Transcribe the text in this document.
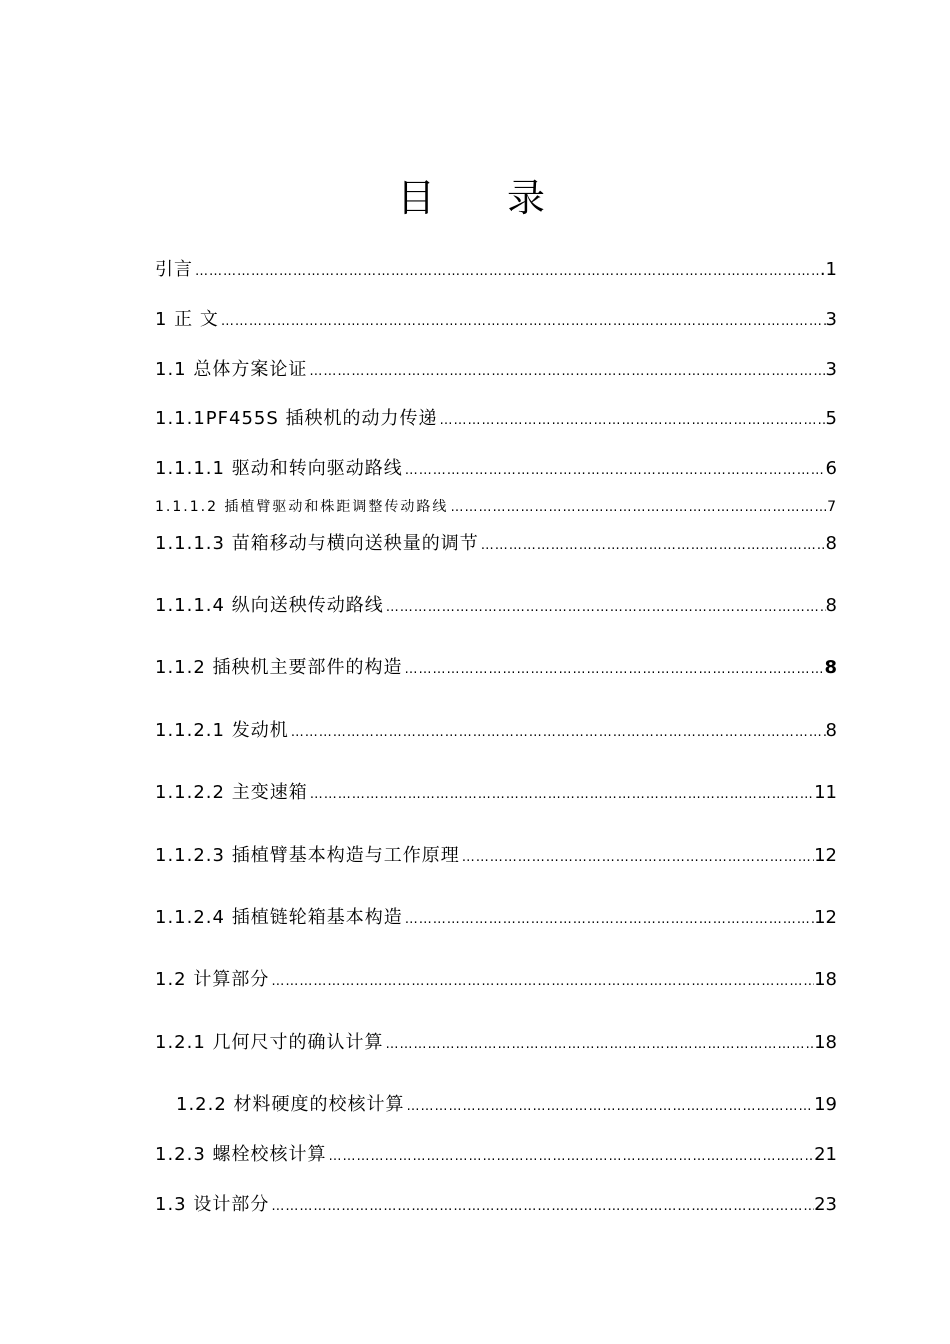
目 录
引言 …………………………………………………………………………………………………………………………………………………………………………………………………………………………………………………………………………………………	.1
1 正 文 …………………………………………………………………………………………………………………………………………………………………………………………………………………………………………………………………………………………	3
1.1 总体方案论证 …………………………………………………………………………………………………………………………………………………………………………………………………………………………………………………………………………………………	3
1.1.1PF455S 插秧机的动力传递 …………………………………………………………………………………………………………………………………………………………………………………………………………………………………………………………………………………………	5
1.1.1.1 驱动和转向驱动路线 …………………………………………………………………………………………………………………………………………………………………………………………………………………………………………………………………………………………	6
1.1.1.2 插植臂驱动和株距调整传动路线 …………………………………………………………………………………………………………………………………………………………………………………………………………………………………………………………………………………………	7
1.1.1.3 苗箱移动与横向送秧量的调节 …………………………………………………………………………………………………………………………………………………………………………………………………………………………………………………………………………………………	8
1.1.1.4 纵向送秧传动路线 …………………………………………………………………………………………………………………………………………………………………………………………………………………………………………………………………………………………	8
1.1.2 插秧机主要部件的构造 …………………………………………………………………………………………………………………………………………………………………………………………………………………………………………………………………………………………	8
1.1.2.1 发动机 …………………………………………………………………………………………………………………………………………………………………………………………………………………………………………………………………………………………	8
1.1.2.2 主变速箱 …………………………………………………………………………………………………………………………………………………………………………………………………………………………………………………………………………………………	11
1.1.2.3 插植臂基本构造与工作原理 …………………………………………………………………………………………………………………………………………………………………………………………………………………………………………………………………………………………	12
1.1.2.4 插植链轮箱基本构造 …………………………………………………………………………………………………………………………………………………………………………………………………………………………………………………………………………………………	12
1.2 计算部分 …………………………………………………………………………………………………………………………………………………………………………………………………………………………………………………………………………………………	18
1.2.1 几何尺寸的确认计算 …………………………………………………………………………………………………………………………………………………………………………………………………………………………………………………………………………………………	18
1.2.2 材料硬度的校核计算 …………………………………………………………………………………………………………………………………………………………………………………………………………………………………………………………………………………………	19
1.2.3 螺栓校核计算 …………………………………………………………………………………………………………………………………………………………………………………………………………………………………………………………………………………………	21
1.3 设计部分 …………………………………………………………………………………………………………………………………………………………………………………………………………………………………………………………………………………………	23
